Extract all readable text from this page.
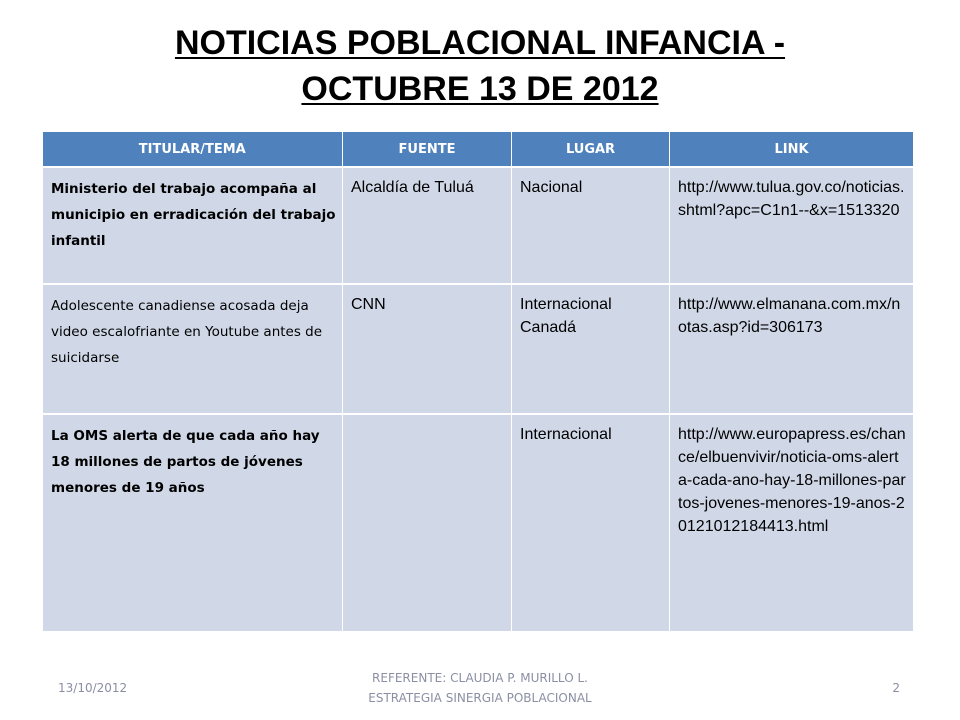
NOTICIAS POBLACIONAL INFANCIA -
OCTUBRE 13 DE 2012
TITULAR/TEMA	FUENTE	LUGAR	LINK

Ministerio del trabajo acompaña al municipio en erradicación del trabajo infantil	Alcaldía de Tuluá	Nacional	http://www.tulua.gov.co/noticias.shtml?apc=C1n1--&x=1513320

Adolescente canadiense acosada deja video escalofriante en Youtube antes de suicidarse	CNN	Internacional Canadá	http://www.elmanana.com.mx/notas.asp?id=306173

La OMS alerta de que cada año hay 18 millones de partos de jóvenes menores de 19 años		Internacional	http://www.europapress.es/chance/elbuenvivir/noticia-oms-alerta-cada-ano-hay-18-millones-partos-jovenes-menores-19-anos-20121012184413.html
13/10/2012
REFERENTE: CLAUDIA P. MURILLO L.
ESTRATEGIA SINERGIA POBLACIONAL
2
